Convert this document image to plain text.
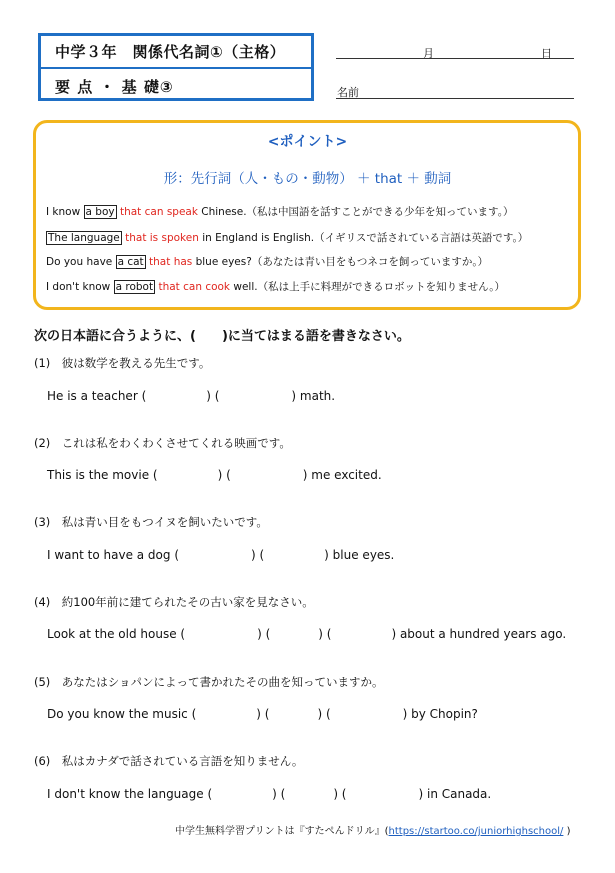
中学３年　関係代名詞①（主格）
要 点 ・ 基 礎③
月	日
名前
<ポイント>
形：先行詞（人・もの・動物） ＋ that ＋ 動詞
I know a boy that can speak Chinese.（私は中国語を話すことができる少年を知っています。）
The language that is spoken in England is English.（イギリスで話されている言語は英語です。）
Do you have a cat that has blue eyes?（あなたは青い目をもつネコを飼っていますか。）
I don't know a robot that can cook well.（私は上手に料理ができるロボットを知りません。）
次の日本語に合うように、(　　)に当てはまる語を書きなさい。
(1)　彼は数学を教える先生です。
He is a teacher (　　　　　) (　　　　　　) math.
(2)　これは私をわくわくさせてくれる映画です。
This is the movie (　　　　　) (　　　　　　) me excited.
(3)　私は青い目をもつイヌを飼いたいです。
I want to have a dog (　　　　　　) (　　　　　) blue eyes.
(4)　約100年前に建てられたその古い家を見なさい。
Look at the old house (　　　　　　) (　　　　) (　　　　　) about a hundred years ago.
(5)　あなたはショパンによって書かれたその曲を知っていますか。
Do you know the music (　　　　　) (　　　　) (　　　　　　) by Chopin?
(6)　私はカナダで話されている言語を知りません。
I don't know the language (　　　　　) (　　　　) (　　　　　　) in Canada.
中学生無料学習プリントは『すたぺんドリル』(https://startoo.co/juniorhighschool/ )
